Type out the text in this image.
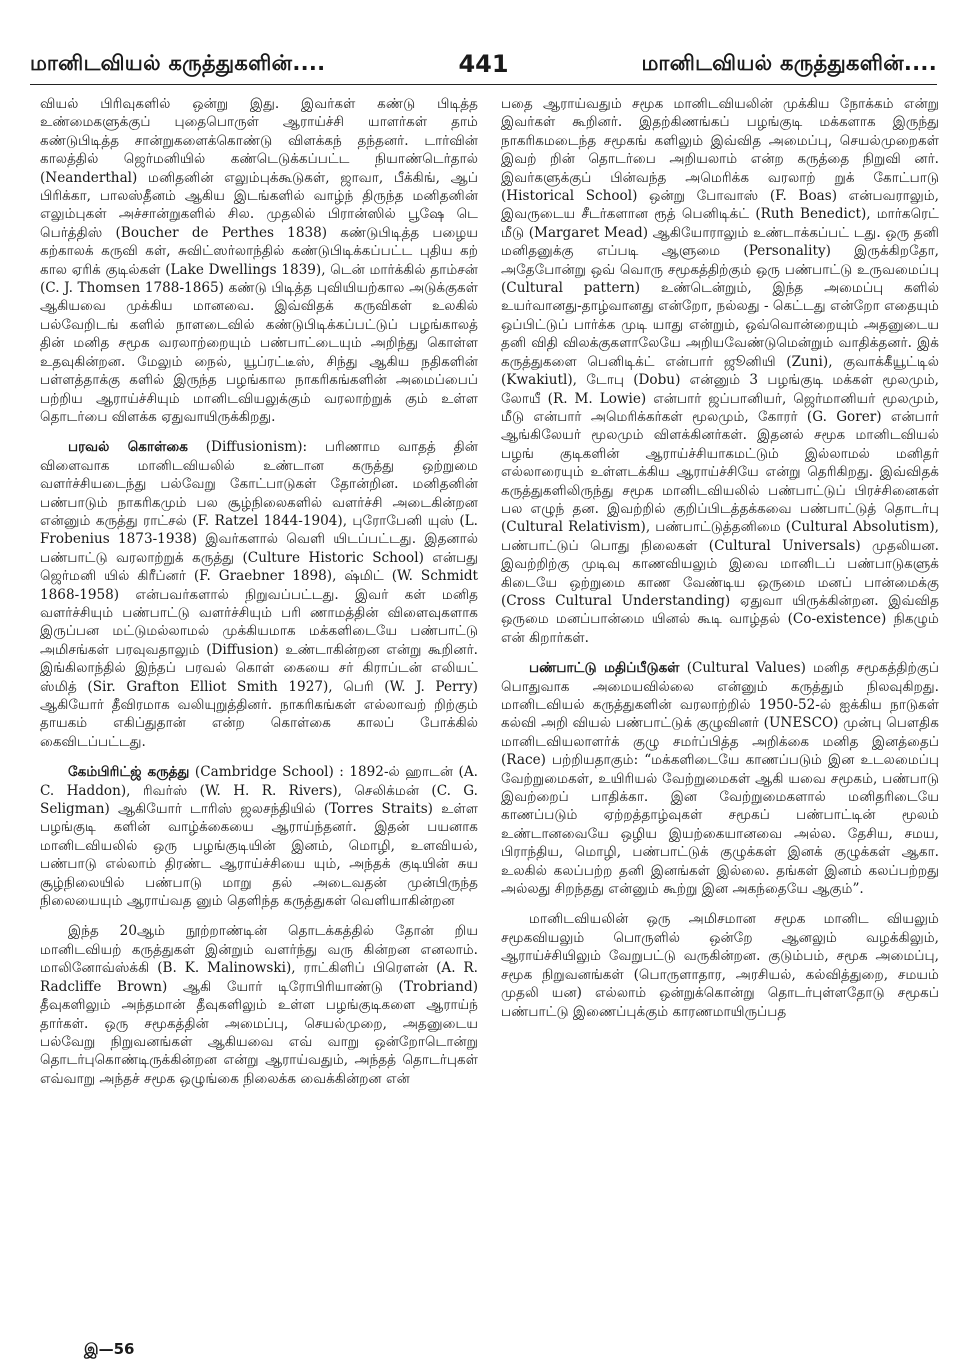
மானிடவியல் கருத்துகளின்....	441	மானிடவியல் கருத்துகளின்....

வியல் பிரிவுகளில் ஒன்று இது. இவர்கள் கண்டு பிடித்த உண்மைகளுக்குப் புதைபொருள் ஆராய்ச்சி யாளர்கள் தாம் கண்டுபிடித்த சான்றுகளைக்கொண்டு விளக்கந் தந்தனர். டார்வின் காலத்தில் ஜெர்மனியில் கண்டெடுக்கப்பட்ட நியாண்டெர்தால் (Neanderthal) மனிதனின் எலும்புக்கூடுகள், ஜாவா, பீக்கிங், ஆப் பிரிக்கா, பாலஸ்தீனம் ஆகிய இடங்களில் வாழ்ந் திருந்த மனிதனின் எலும்புகள் அச்சான்றுகளில் சில. முதலில் பிரான்ஸில் பூஷே டெ பெர்த்திஸ் (Boucher de Perthes 1838) கண்டுபிடித்த பழைய கற்காலக் கருவி கள், சுவிட்ஸர்லாந்தில் கண்டுபிடிக்கப்பட்ட புதிய கற் கால ஏரிக் குடில்கள் (Lake Dwellings 1839), டென் மார்க்கில் தாம்சன் (C. J. Thomsen 1788-1865) கண்டு பிடித்த புவியியற்கால அடுக்குகள் ஆகியவை முக்கிய மானவை. இவ்விதக் கருவிகள் உலகில் பல்வேறிடங் களில் நாளடைவில் கண்டுபிடிக்கப்பட்டுப் பழங்காலத் தின் மனித சமூக வரலாற்றையும் பண்பாட்டையும் அறிந்து கொள்ள உதவுகின்றன. மேலும் நைல், யூப்ரட்டீஸ், சிந்து ஆகிய நதிகளின் பள்ளத்தாக்கு களில் இருந்த பழங்கால நாகரிகங்களின் அமைப்பைப் பற்றிய ஆராய்ச்சியும் மானிடவியலுக்கும் வரலாற்றுக் கும் உள்ள தொடர்பை விளக்க ஏதுவாயிருக்கிறது.

பரவல் கொள்கை (Diffusionism): பரிணாம வாதத் தின் விளைவாக மானிடவியலில் உண்டான கருத்து ஒற்றுமை வளர்ச்சியடைந்து பல்வேறு கோட்பாடுகள் தோன்றின. மனிதனின் பண்பாடும் நாகரிகமும் பல சூழ்நிலைகளில் வளர்ச்சி அடைகின்றன என்னும் கருத்து ராட்சல் (F. Ratzel 1844-1904), புரோபேனி யுஸ் (L. Frobenius 1873-1938) இவர்களால் வெளி யிடப்பட்டது. இதனால் பண்பாட்டு வரலாற்றுக் கருத்து (Culture Historic School) என்பது ஜெர்மனி யில் கிரீப்னர் (F. Graebner 1898), ஷ்மிட் (W. Schmidt 1868-1958) என்பவர்களால் நிறுவப்பட்டது. இவர் கள் மனித வளர்ச்சியும் பண்பாட்டு வளர்ச்சியும் பரி ணாமத்தின் விளைவுகளாக இருப்பன மட்டுமல்லாமல் முக்கியமாக மக்களிடையே பண்பாட்டு அமிசங்கள் பரவுவதாலும் (Diffusion) உண்டாகின்றன என்று கூறினர். இங்கிலாந்தில் இந்தப் பரவல் கொள் கையை சர் கிராப்டன் எலியட் ஸ்மித் (Sir. Grafton Elliot Smith 1927), பெரி (W. J. Perry) ஆகியோர் தீவிரமாக வலியுறுத்தினர். நாகரிகங்கள் எல்லாவற் றிற்கும் தாயகம் எகிப்துதான் என்ற கொள்கை காலப் போக்கில் கைவிடப்பட்டது.

கேம்பிரிட்ஜ் கருத்து (Cambridge School) : 1892-ல் ஹாடன் (A. C. Haddon), ரிவர்ஸ் (W. H. R. Rivers), செலிக்மன் (C. G. Seligman) ஆகியோர் டாரிஸ் ஜலசந்தியில் (Torres Straits) உள்ள பழங்குடி களின் வாழ்க்கையை ஆராய்ந்தனர். இதன் பயனாக மானிடவியலில் ஒரு பழங்குடியின் இனம், மொழி, உளவியல், பண்பாடு எல்லாம் திரண்ட ஆராய்ச்சியை யும், அந்தக் குடியின் சுய சூழ்நிலையில் பண்பாடு மாறு தல் அடைவதன் முன்பிருந்த நிலையையும் ஆராய்வத னும் தெளிந்த கருத்துகள் வெளியாகின்றன

இந்த 20ஆம் நூற்றாண்டின் தொடக்கத்தில் தோன் றிய மானிடவியற் கருத்துகள் இன்றும் வளர்ந்து வரு கின்றன எனலாம். மாலினோவ்ஸ்க்கி (B. K. Malinowski), ராட்கிளிப் பிரௌன் (A. R. Radcliffe Brown) ஆகி யோர் டிரோபிரியாண்டு (Trobriand) தீவுகளிலும் அந்தமான் தீவுகளிலும் உள்ள பழங்குடிகளை ஆராய்ந் தார்கள். ஒரு சமூகத்தின் அமைப்பு, செயல்முறை, அதனுடைய பல்வேறு நிறுவனங்கள் ஆகியவை எவ் வாறு ஒன்றோடொன்று தொடர்புகொண்டிருக்கின்றன என்று ஆராய்வதும், அந்தத் தொடர்புகள் எவ்வாறு அந்தச் சமூக ஒழுங்கை நிலைக்க வைக்கின்றன என்

பதை ஆராய்வதும் சமூக மானிடவியலின் முக்கிய நோக்கம் என்று இவர்கள் கூறினர். இதற்கிணங்கப் பழங்குடி மக்களாக இருந்து நாகரிகமடைந்த சமூகங் களிலும் இவ்வித அமைப்பு, செயல்முறைகள் இவற் றின் தொடர்பை அறியலாம் என்ற கருத்தை நிறுவி னர். இவர்களுக்குப் பின்வந்த அமெரிக்க வரலாற் றுக் கோட்பாடு (Historical School) ஒன்று போவாஸ் (F. Boas) என்பவராலும், இவருடைய சீடர்களான ரூத் பெனிடிக்ட் (Ruth Benedict), மார்கரெட் மீடு (Margaret Mead) ஆகியோராலும் உண்டாக்கப்பட் டது. ஒரு தனி மனிதனுக்கு எப்படி ஆளுமை (Personality) இருக்கிறதோ, அதேபோன்று ஒவ் வொரு சமூகத்திற்கும் ஒரு பண்பாட்டு உருவமைப்பு (Cultural pattern) உண்டென்றும், இந்த அமைப்பு களில் உயர்வானது-தாழ்வானது என்றோ, நல்லது - கெட்டது என்றோ எதையும் ஒப்பிட்டுப் பார்க்க முடி யாது என்றும், ஒவ்வொன்றையும் அதனுடைய தனி விதி விலக்குகளாலேயே அறியவேண்டுமென்றும் வாதிக்தனர். இக் கருத்துகளை பெனிடிக்ட் என்பார் ஜூனியி (Zuni), குவாக்கீயூட்டில் (Kwakiutl), டோபு (Dobu) என்னும் 3 பழங்குடி மக்கள் மூலமும், லோயீ (R. M. Lowie) என்பார் ஜப்பானியர், ஜெர்மானியர் மூலமும், மீடு என்பார் அமெரிக்கர்கள் மூலமும், கோரர் (G. Gorer) என்பார் ஆங்கிலேயர் மூலமும் விளக்கினர்கள். இதனல் சமூக மானிடவியல் பழங் குடிகளின் ஆராய்ச்சியாகமட்டும் இல்லாமல் மனிதர் எல்லாரையும் உள்ளடக்கிய ஆராய்ச்சியே என்று தெரிகிறது. இவ்விதக் கருத்துகளிலிருந்து சமூக மானிடவியலில் பண்பாட்டுப் பிரச்சினைகள் பல எழுந் தன. இவற்றில் குறிப்பிடத்தக்கவை பண்பாட்டுத் தொடர்பு (Cultural Relativism), பண்பாட்டுத்தனிமை (Cultural Absolutism), பண்பாட்டுப் பொது நிலைகள் (Cultural Universals) முதலியன. இவற்றிற்கு முடிவு காணவியலும் இவை மானிடப் பண்பாடுகளுக் கிடையே ஒற்றுமை காண வேண்டிய ஒருமை மனப் பான்மைக்கு (Cross Cultural Understanding) ஏதுவா யிருக்கின்றன. இவ்வித ஒருமை மனப்பான்மை யினல் கூடி வாழ்தல் (Co-existence) நிகழும் என் கிறார்கள்.

பண்பாட்டு மதிப்பீடுகள் (Cultural Values) மனித சமூகத்திற்குப் பொதுவாக அமையவில்லை என்னும் கருத்தும் நிலவுகிறது. மானிடவியல் கருத்துகளின் வரலாற்றில் 1950-52-ல் ஐக்கிய நாடுகள் கல்வி அறி வியல் பண்பாட்டுக் குழுவினர் (UNESCO) முன்பு பௌதிக மானிடவியலாளர்க் குழு சமர்ப்பித்த அறிக்கை மனித இனத்தைப் (Race) பற்றியதாகும்: “மக்களிடையே காணப்படும் இன உடலமைப்பு வேற்றுமைகள், உயிரியல் வேற்றுமைகள் ஆகி யவை சமூகம், பண்பாடு இவற்றைப் பாதிக்கா. இன வேற்றுமைகளால் மனிதரிடையே காணப்படும் ஏற்றத்தாழ்வுகள் சமூகப் பண்பாட்டின் மூலம் உண்டானவையே ஒழிய இயற்கையானவை அல்ல. தேசிய, சமய, பிராந்திய, மொழி, பண்பாட்டுக் குழுக்கள் இனக் குழுக்கள் ஆகா. உலகில் கலப்பற்ற தனி இனங்கள் இல்லை. தங்கள் இனம் கலப்பற்றது அல்லது சிறந்தது என்னும் கூற்று இன அகந்தையே ஆகும்”.

மானிடவியலின் ஒரு அமிசமான சமூக மானிட வியலும் சமூகவியலும் பொருளில் ஒன்றே ஆனலும் வழக்கிலும், ஆராய்ச்சியிலும் வேறுபட்டு வருகின்றன. குடும்பம், சமூக அமைப்பு, சமூக நிறுவனங்கள் (பொருளாதார, அரசியல், கல்வித்துறை, சமயம் முதலி யன) எல்லாம் ஒன்றுக்கொன்று தொடர்புள்ளதோடு சமூகப் பண்பாட்டு இணைப்புக்கும் காரணமாயிருப்பத

இ—56
